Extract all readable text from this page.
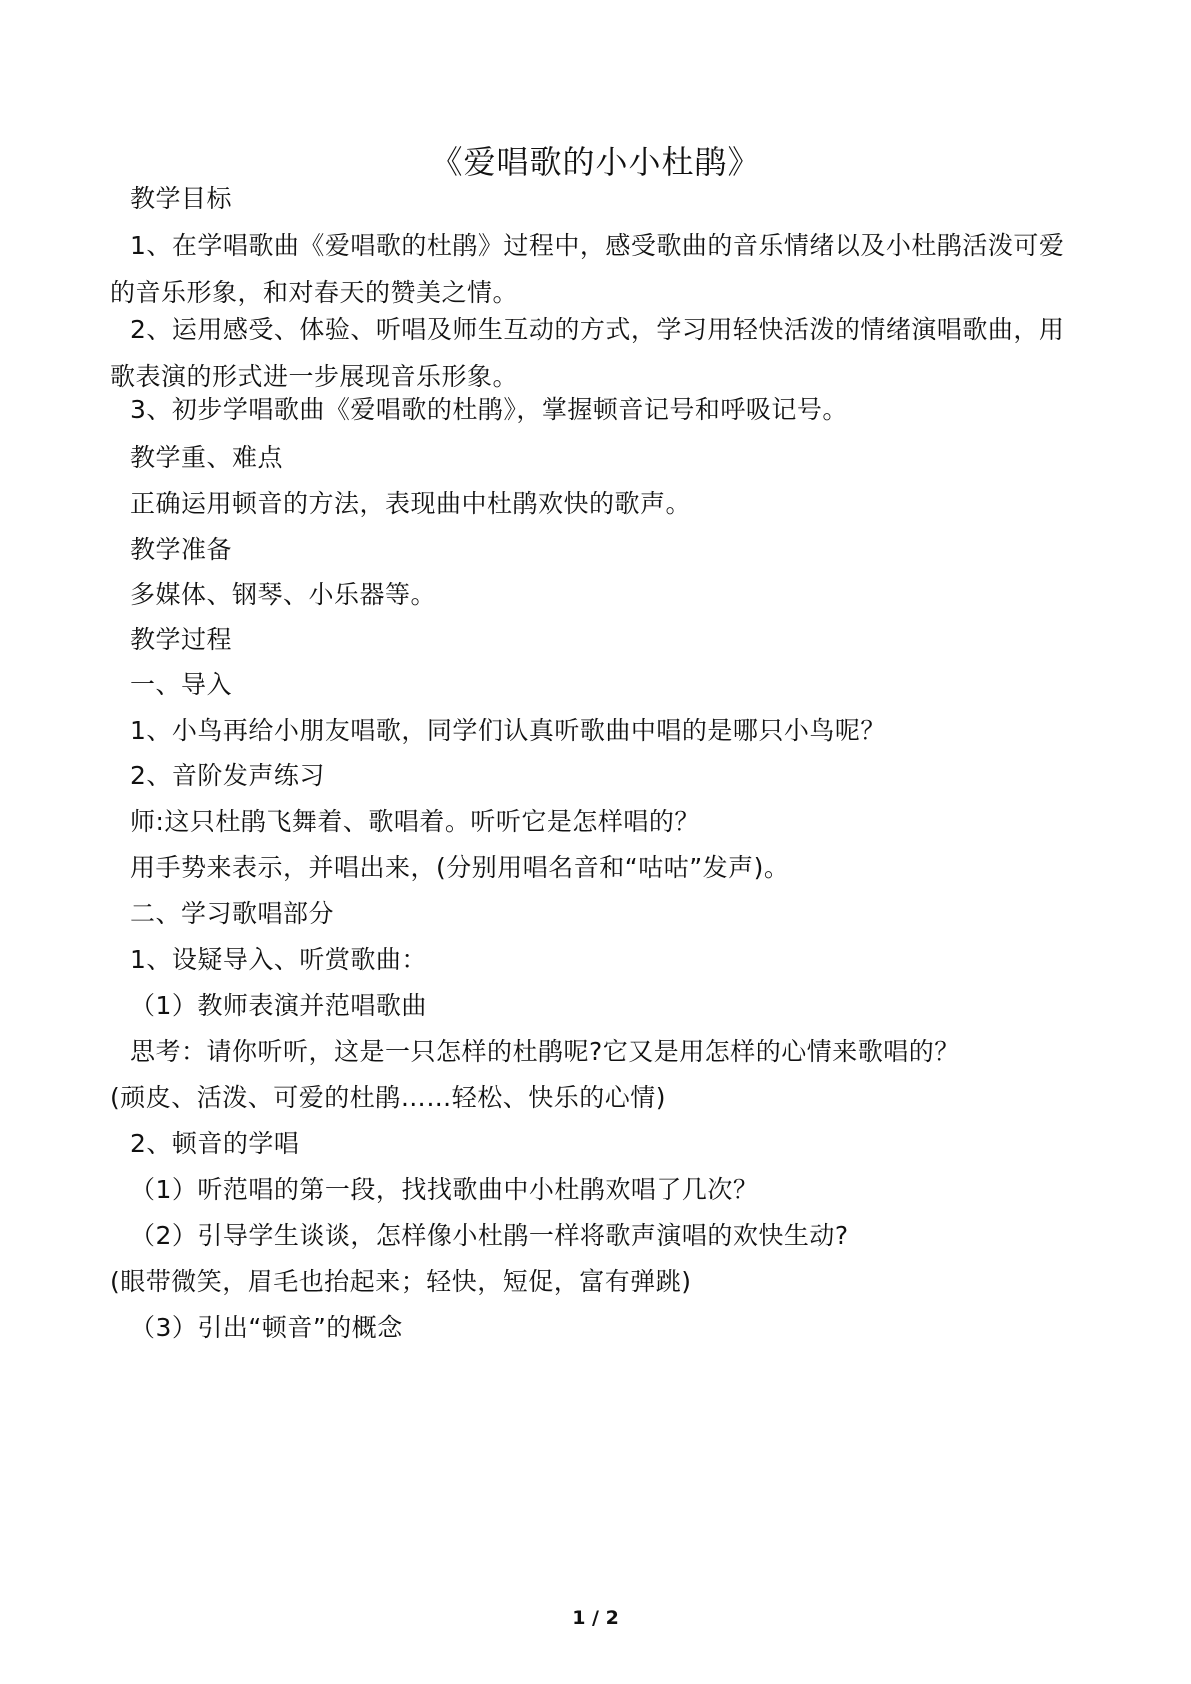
《爱唱歌的小小杜鹃》
教学目标
1、在学唱歌曲《爱唱歌的杜鹃》过程中，感受歌曲的音乐情绪以及小杜鹃活泼可爱的音乐形象，和对春天的赞美之情。
2、运用感受、体验、听唱及师生互动的方式，学习用轻快活泼的情绪演唱歌曲，用歌表演的形式进一步展现音乐形象。
3、初步学唱歌曲《爱唱歌的杜鹃》，掌握顿音记号和呼吸记号。
教学重、难点
正确运用顿音的方法，表现曲中杜鹃欢快的歌声。
教学准备
多媒体、钢琴、小乐器等。
教学过程
一、导入
1、小鸟再给小朋友唱歌，同学们认真听歌曲中唱的是哪只小鸟呢？
2、音阶发声练习
师:这只杜鹃飞舞着、歌唱着。听听它是怎样唱的？
用手势来表示，并唱出来，(分别用唱名音和“咕咕”发声)。
二、学习歌唱部分
1、设疑导入、听赏歌曲：
（1）教师表演并范唱歌曲
思考：请你听听，这是一只怎样的杜鹃呢?它又是用怎样的心情来歌唱的？
(顽皮、活泼、可爱的杜鹃……轻松、快乐的心情)
2、顿音的学唱
（1）听范唱的第一段，找找歌曲中小杜鹃欢唱了几次？
（2）引导学生谈谈，怎样像小杜鹃一样将歌声演唱的欢快生动?
(眼带微笑，眉毛也抬起来；轻快，短促，富有弹跳)
（3）引出“顿音”的概念
1 / 2
